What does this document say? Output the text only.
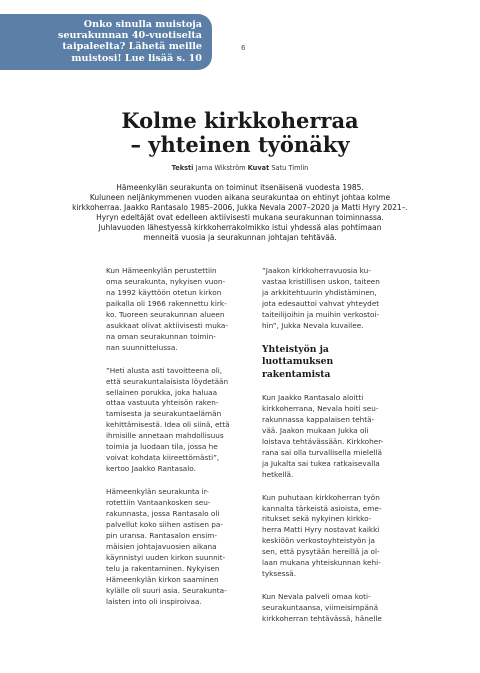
Onko sinulla muistoja
seurakunnan 40-vuotiselta
taipaleelta? Lähetä meille
muistosi! Lue lisää s. 10

6
Kolme kirkkoherraa
– yhteinen työnäky
Teksti Jarna Wikström Kuvat Satu Timlin

Hämeenkylän seurakunta on toiminut itsenäisenä vuodesta 1985.
Kuluneen neljänkymmenen vuoden aikana seurakuntaa on ehtinyt johtaa kolme
kirkkoherraa. Jaakko Rantasalo 1985–2006, Jukka Nevala 2007–2020 ja Matti Hyry 2021–.
Hyryn edeltäjät ovat edelleen aktiivisesti mukana seurakunnan toiminnassa.
Juhlavuoden lähestyessä kirkkoherrakolmikko istui yhdessä alas pohtimaan
menneitä vuosia ja seurakunnan johtajan tehtävää.

Kun Hämeenkylän perustettiin
oma seurakunta, nykyisen vuon-
na 1992 käyttöön otetun kirkon
paikalla oli 1966 rakennettu kirk-
ko. Tuoreen seurakunnan alueen
asukkaat olivat aktiivisesti muka-
na oman seurakunnan toimin-
nan suunnittelussa.

”Heti alusta asti tavoitteena oli,
että seurakuntalaisista löydetään
sellainen porukka, joka haluaa
ottaa vastuuta yhteisön raken-
tamisesta ja seurakuntaelämän
kehittämisestä. Idea oli siinä, että
ihmisille annetaan mahdollisuus
toimia ja luodaan tila, jossa he
voivat kohdata kiireettömästi”,
kertoo Jaakko Rantasalo.

Hämeenkylän seurakunta ir-
rotettiin Vantaankosken seu-
rakunnasta, jossa Rantasalo oli
palvellut koko siihen astisen pa-
pin uransa. Rantasalon ensim-
mäisien johtajavuosien aikana
käynnistyi uuden kirkon suunnit-
telu ja rakentaminen. Nykyisen
Hämeenkylän kirkon saaminen
kylälle oli suuri asia. Seurakunta-
laisten into oli inspiroivaa.

”Jaakon kirkkoherravuosia ku-
vastaa kristillisen uskon, taiteen
ja arkkitehtuurin yhdistäminen,
jota edesauttoi vahvat yhteydet
taiteilijoihin ja muihin verkostoi-
hin”, Jukka Nevala kuvailee.

Yhteistyön ja luottamuksen
rakentamista

Kun Jaakko Rantasalo aloitti
kirkkoherrana, Nevala hoiti seu-
rakunnassa kappalaisen tehtä-
vää. Jaakon mukaan Jukka oli
loistava tehtävässään. Kirkkoher-
rana sai olla turvallisella mielellä
ja Jukalta sai tukea ratkaisevalla
hetkellä.

Kun puhutaan kirkkoherran työn
kannalta tärkeistä asioista, eme-
ritukset sekä nykyinen kirkko-
herra Matti Hyry nostavat kaikki
keskiöön verkostoyhteistyön ja
sen, että pysytään hereillä ja ol-
laan mukana yhteiskunnan kehi-
tyksessä.

Kun Nevala palveli omaa koti-
seurakuntaansa, viimeisimpänä
kirkkoherran tehtävässä, hänelle
